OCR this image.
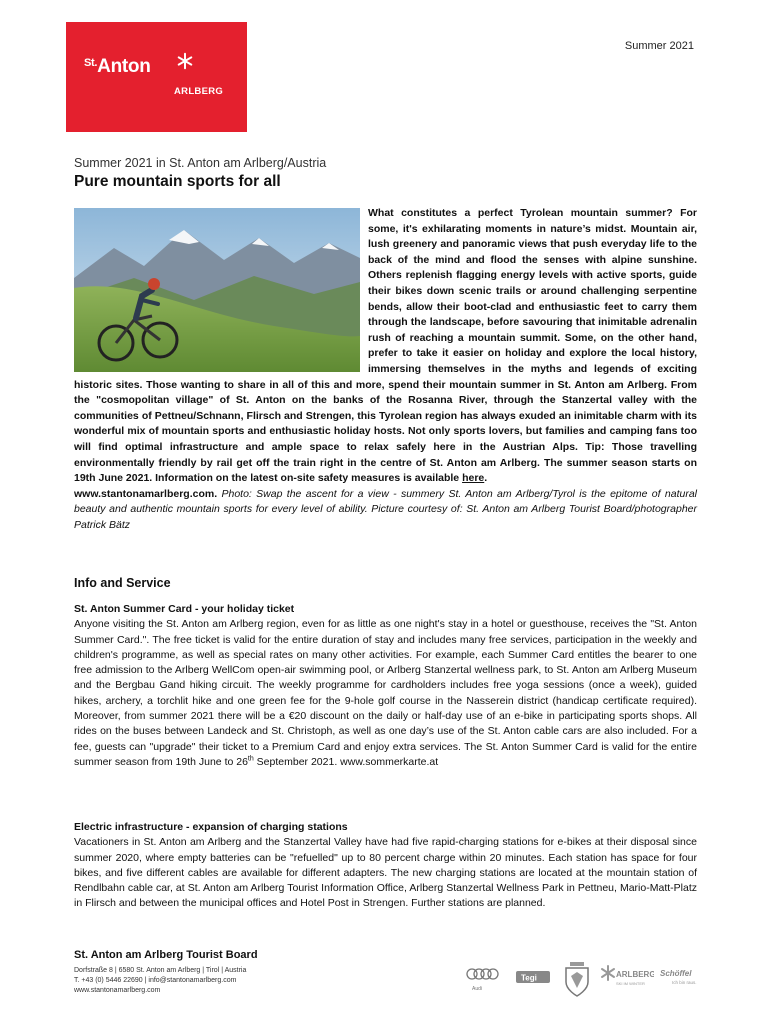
$^{St.}$Anton
ARLBERG
Summer 2021
Summer 2021 in St. Anton am Arlberg/Austria
Pure mountain sports for all

What constitutes a perfect Tyrolean mountain summer? For some, it's exhilarating moments in nature’s midst. Mountain air, lush greenery and panoramic views that push everyday life to the back of the mind and flood the senses with alpine sunshine. Others replenish flagging energy levels with active sports, guide their bikes down scenic trails or around challenging serpentine bends, allow their boot-clad and enthusiastic feet to carry them through the landscape, before savouring that inimitable adrenalin rush of reaching a mountain summit. Some, on the other hand, prefer to take it easier on holiday and explore the local history, immersing themselves in the myths and legends of exciting historic sites. Those wanting to share in all of this and more, spend their mountain summer in St. Anton am Arlberg. From the "cosmopolitan village" of St. Anton on the banks of the Rosanna River, through the Stanzertal valley with the communities of Pettneu/Schnann, Flirsch and Strengen, this Tyrolean region has always exuded an inimitable charm with its wonderful mix of mountain sports and enthusiastic holiday hosts. Not only sports lovers, but families and camping fans too will find optimal infrastructure and ample space to relax safely here in the Austrian Alps. Tip: Those travelling environmentally friendly by rail get off the train right in the centre of St. Anton am Arlberg. The summer season starts on 19th June 2021. Information on the latest on-site safety measures is available here.
www.stantonamarlberg.com. Photo: Swap the ascent for a view - summery St. Anton am Arlberg/Tyrol is the epitome of natural beauty and authentic mountain sports for every level of ability. Picture courtesy of: St. Anton am Arlberg Tourist Board/photographer Patrick Bätz

Info and Service
St. Anton Summer Card - your holiday ticket

Anyone visiting the St. Anton am Arlberg region, even for as little as one night's stay in a hotel or guesthouse, receives the "St. Anton Summer Card.". The free ticket is valid for the entire duration of stay and includes many free services, participation in the weekly and children's programme, as well as special rates on many other activities. For example, each Summer Card entitles the bearer to one free admission to the Arlberg WellCom open-air swimming pool, or Arlberg Stanzertal wellness park, to St. Anton am Arlberg Museum and the Bergbau Gand hiking circuit. The weekly programme for cardholders includes free yoga sessions (once a week), guided hikes, archery, a torchlit hike and one green fee for the 9-hole golf course in the Nasserein district (handicap certificate required). Moreover, from summer 2021 there will be a €20 discount on the daily or half-day use of an e-bike in participating sports shops. All rides on the buses between Landeck and St. Christoph, as well as one day’s use of the St. Anton cable cars are also included. For a fee, guests can "upgrade" their ticket to a Premium Card and enjoy extra services. The St. Anton Summer Card is valid for the entire summer season from 19th June to 26th September 2021. www.sommerkarte.at

Electric infrastructure - expansion of charging stations

Vacationers in St. Anton am Arlberg and the Stanzertal Valley have had five rapid-charging stations for e-bikes at their disposal since summer 2020, where empty batteries can be "refuelled" up to 80 percent charge within 20 minutes. Each station has space for four bikes, and five different cables are available for different adapters. The new charging stations are located at the mountain station of Rendlbahn cable car, at St. Anton am Arlberg Tourist Information Office, Arlberg Stanzertal Wellness Park in Pettneu, Mario-Matt-Platz in Flirsch and between the municipal offices and Hotel Post in Strengen. Further stations are planned.

St. Anton am Arlberg Tourist Board
Dorfstraße 8 | 6580 St. Anton am Arlberg | Tirol | Austria
T. +43 (0) 5446 22690 | info@stantonamarlberg.com
www.stantonamarlberg.com	Audi
Tegi	ARLBERG
SKI IM WINTER
Schöffel
Ich bin raus.
